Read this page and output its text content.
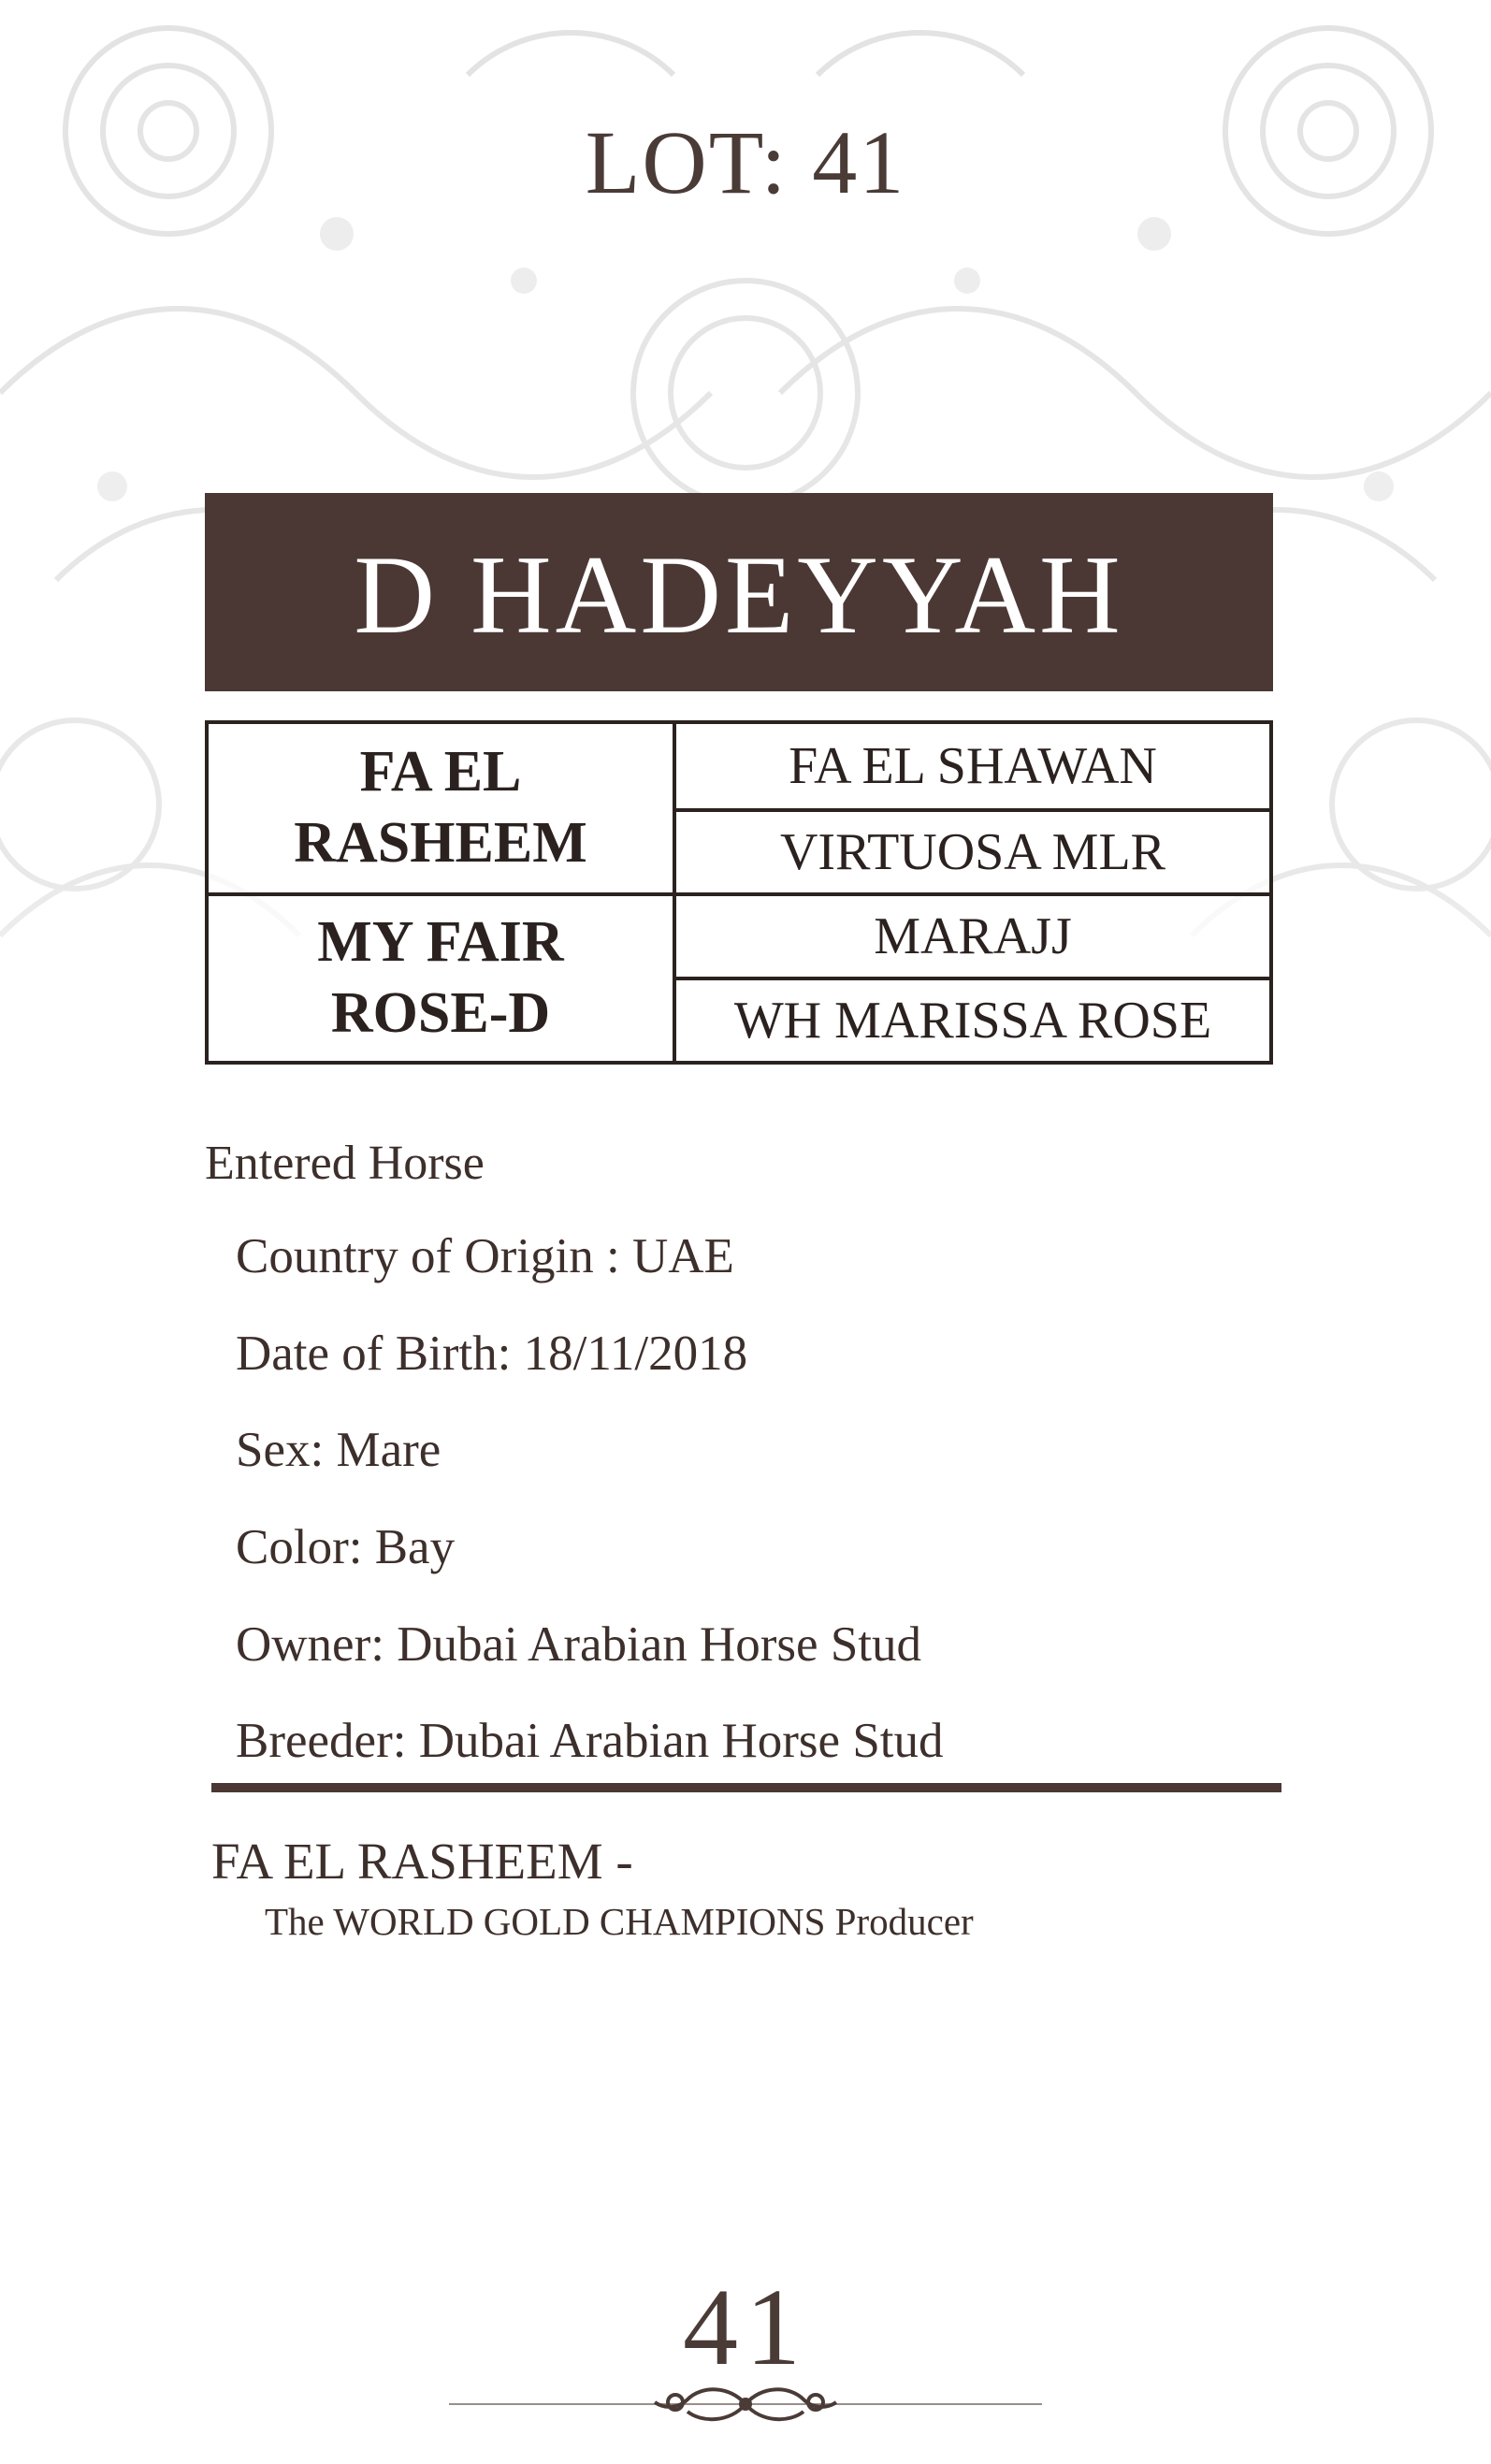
LOT: 41
D HADEYYAH
FA EL RASHEEM
FA EL SHAWAN
VIRTUOSA MLR
MY FAIR ROSE-D
MARAJJ
WH MARISSA ROSE
Entered Horse
Country of Origin : UAE
Date of Birth: 18/11/2018
Sex: Mare
Color: Bay
Owner: Dubai Arabian Horse Stud
Breeder: Dubai Arabian Horse Stud
FA EL RASHEEM -
The WORLD GOLD CHAMPIONS Producer
41
